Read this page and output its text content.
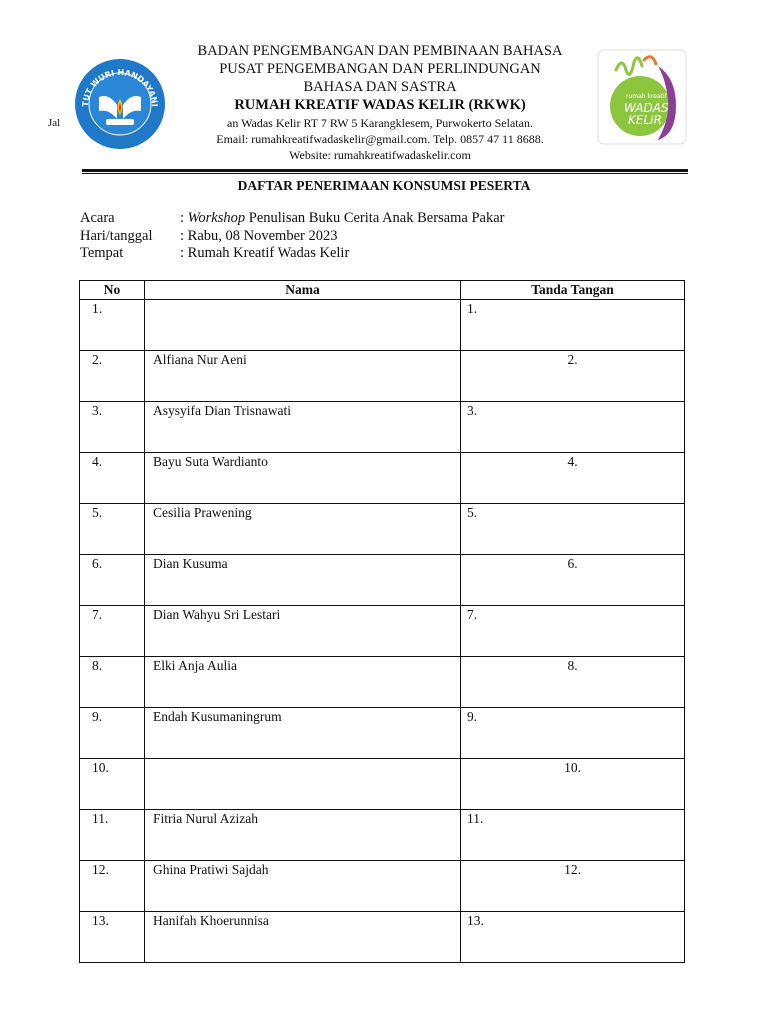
Jal
TUT WURI HANDAYANI
BADAN PENGEMBANGAN DAN PEMBINAAN BAHASA
PUSAT PENGEMBANGAN DAN PERLINDUNGAN
BAHASA DAN SASTRA
RUMAH KREATIF WADAS KELIR (RKWK)
an Wadas Kelir RT 7 RW 5 Karangklesem, Purwokerto Selatan.
Email: rumahkreatifwadaskelir@gmail.com. Telp. 0857 47 11 8688.
Website: rumahkreatifwadaskelir.com
rumah kreatif
WADAS
KELIR
DAFTAR PENERIMAAN KONSUMSI PESERTA
Acara	: Workshop Penulisan Buku Cerita Anak Bersama Pakar
Hari/tanggal	: Rabu, 08 November 2023
Tempat	: Rumah Kreatif Wadas Kelir
No	Nama	Tanda Tangan
1.		1.
2.	Alfiana Nur Aeni	2.
3.	Asysyifa Dian Trisnawati	3.
4.	Bayu Suta Wardianto	4.
5.	Cesilia Prawening	5.
6.	Dian Kusuma	6.
7.	Dian Wahyu Sri Lestari	7.
8.	Elki Anja Aulia	8.
9.	Endah Kusumaningrum	9.
10.		10.
11.	Fitria Nurul Azizah	11.
12.	Ghina Pratiwi Sajdah	12.
13.	Hanifah Khoerunnisa	13.
